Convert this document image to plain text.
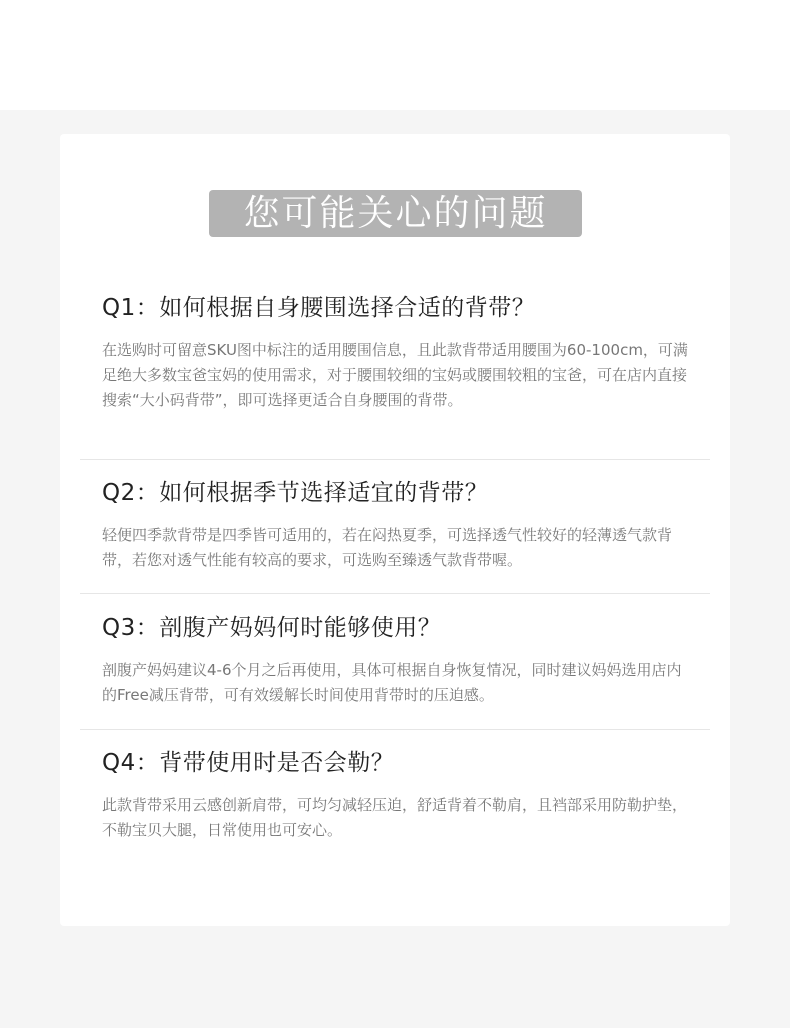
您可能关心的问题
Q1：如何根据自身腰围选择合适的背带？
在选购时可留意SKU图中标注的适用腰围信息，且此款背带适用腰围为60-100cm，可满足绝大多数宝爸宝妈的使用需求，对于腰围较细的宝妈或腰围较粗的宝爸，可在店内直接搜索“大小码背带”，即可选择更适合自身腰围的背带。
Q2：如何根据季节选择适宜的背带？
轻便四季款背带是四季皆可适用的，若在闷热夏季，可选择透气性较好的轻薄透气款背带，若您对透气性能有较高的要求，可选购至臻透气款背带喔。
Q3：剖腹产妈妈何时能够使用？
剖腹产妈妈建议4-6个月之后再使用，具体可根据自身恢复情况，同时建议妈妈选用店内的Free减压背带，可有效缓解长时间使用背带时的压迫感。
Q4：背带使用时是否会勒？
此款背带采用云感创新肩带，可均匀减轻压迫，舒适背着不勒肩，且裆部采用防勒护垫，不勒宝贝大腿，日常使用也可安心。
